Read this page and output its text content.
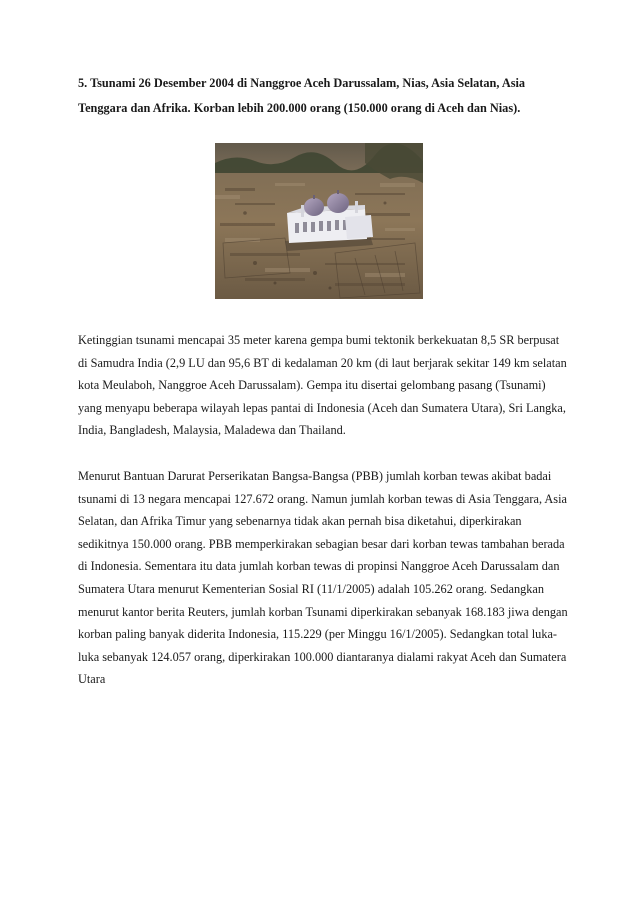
5. Tsunami 26 Desember 2004 di Nanggroe Aceh Darussalam, Nias, Asia Selatan, Asia Tenggara dan Afrika. Korban lebih 200.000 orang (150.000 orang di Aceh dan Nias).

Ketinggian tsunami mencapai 35 meter karena gempa bumi tektonik berkekuatan 8,5 SR berpusat di Samudra India (2,9 LU dan 95,6 BT di kedalaman 20 km (di laut berjarak sekitar 149 km selatan kota Meulaboh, Nanggroe Aceh Darussalam). Gempa itu disertai gelombang pasang (Tsunami) yang menyapu beberapa wilayah lepas pantai di Indonesia (Aceh dan Sumatera Utara), Sri Langka, India, Bangladesh, Malaysia, Maladewa dan Thailand.

Menurut Bantuan Darurat Perserikatan Bangsa-Bangsa (PBB) jumlah korban tewas akibat badai tsunami di 13 negara mencapai 127.672 orang. Namun jumlah korban tewas di Asia Tenggara, Asia Selatan, dan Afrika Timur yang sebenarnya tidak akan pernah bisa diketahui, diperkirakan sedikitnya 150.000 orang. PBB memperkirakan sebagian besar dari korban tewas tambahan berada di Indonesia. Sementara itu data jumlah korban tewas di propinsi Nanggroe Aceh Darussalam dan Sumatera Utara menurut Kementerian Sosial RI (11/1/2005) adalah 105.262 orang. Sedangkan menurut kantor berita Reuters, jumlah korban Tsunami diperkirakan sebanyak 168.183 jiwa dengan korban paling banyak diderita Indonesia, 115.229 (per Minggu 16/1/2005). Sedangkan total luka-luka sebanyak 124.057 orang, diperkirakan 100.000 diantaranya dialami rakyat Aceh dan Sumatera Utara
